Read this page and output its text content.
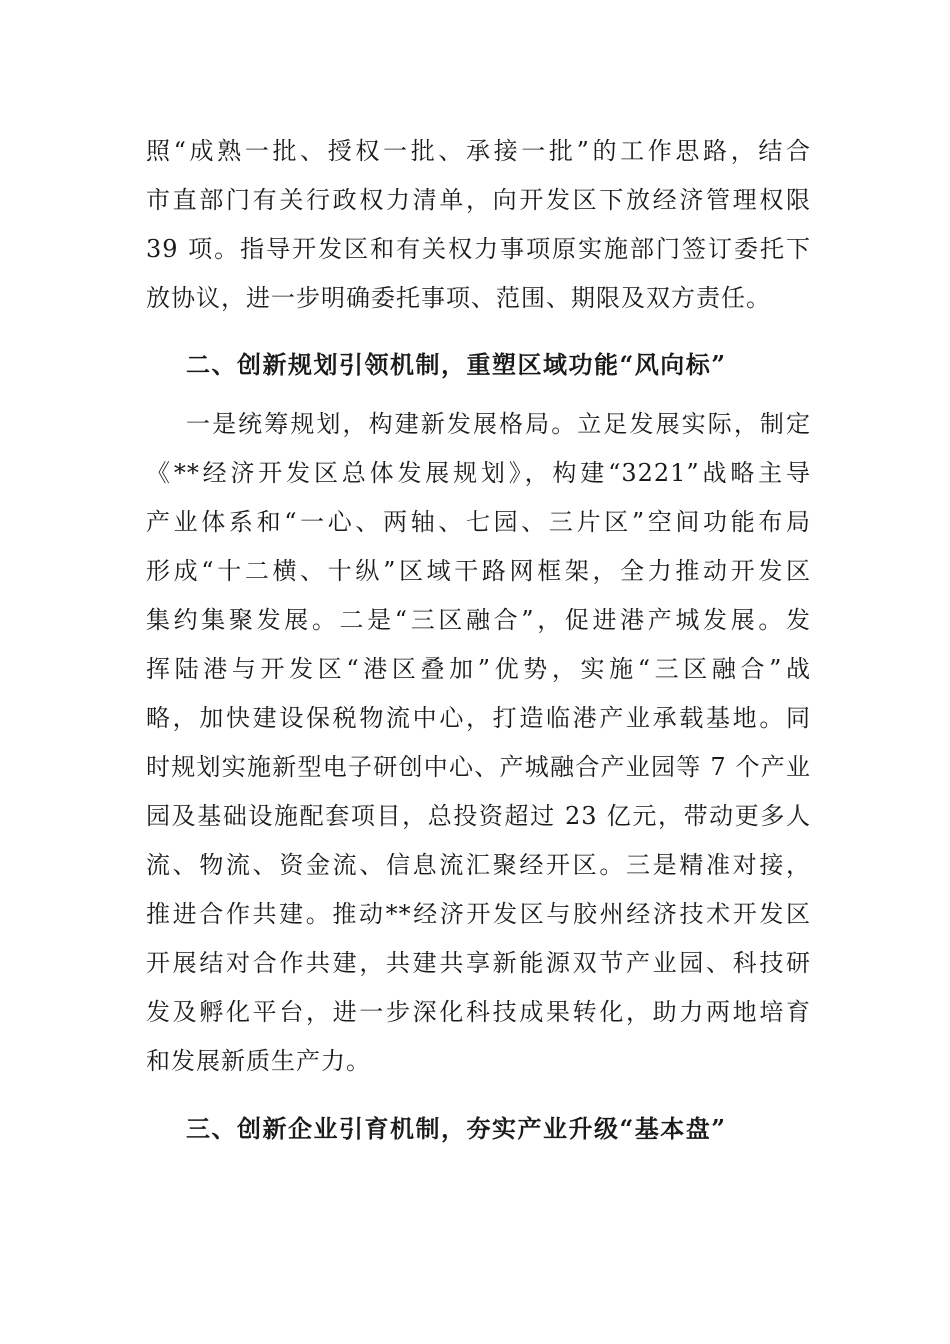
照“成熟一批、授权一批、承接一批”的工作思路，结合
市直部门有关行政权力清单，向开发区下放经济管理权限
39 项。指导开发区和有关权力事项原实施部门签订委托下
放协议，进一步明确委托事项、范围、期限及双方责任。
二、创新规划引领机制，重塑区域功能“风向标”
一是统筹规划，构建新发展格局。立足发展实际，制定
《**经济开发区总体发展规划》，构建“3221”战略主导
产业体系和“一心、两轴、七园、三片区”空间功能布局
形成“十二横、十纵”区域干路网框架，全力推动开发区
集约集聚发展。二是“三区融合”，促进港产城发展。发
挥陆港与开发区“港区叠加”优势，实施“三区融合”战
略，加快建设保税物流中心，打造临港产业承载基地。同
时规划实施新型电子研创中心、产城融合产业园等 7 个产业
园及基础设施配套项目，总投资超过 23 亿元，带动更多人
流、物流、资金流、信息流汇聚经开区。三是精准对接，
推进合作共建。推动**经济开发区与胶州经济技术开发区
开展结对合作共建，共建共享新能源双节产业园、科技研
发及孵化平台，进一步深化科技成果转化，助力两地培育
和发展新质生产力。
三、创新企业引育机制，夯实产业升级“基本盘”
